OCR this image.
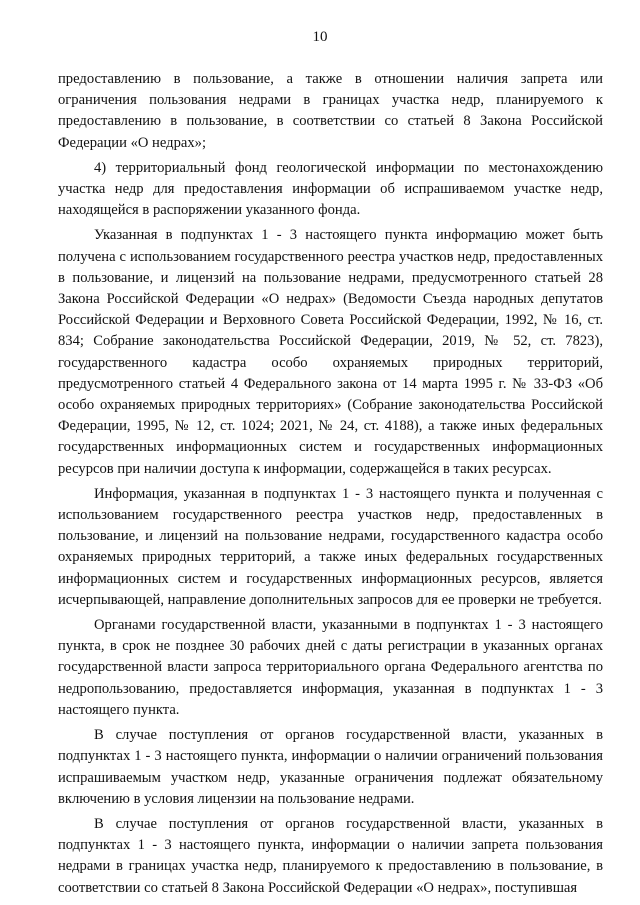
10

предоставлению в пользование, а также в отношении наличия запрета или ограничения пользования недрами в границах участка недр, планируемого к предоставлению в пользование, в соответствии со статьей 8 Закона Российской Федерации «О недрах»;

4) территориальный фонд геологической информации по местонахождению участка недр для предоставления информации об испрашиваемом участке недр, находящейся в распоряжении указанного фонда.

Указанная в подпунктах 1 - 3 настоящего пункта информацию может быть получена с использованием государственного реестра участков недр, предоставленных в пользование, и лицензий на пользование недрами, предусмотренного статьей 28 Закона Российской Федерации «О недрах» (Ведомости Съезда народных депутатов Российской Федерации и Верховного Совета Российской Федерации, 1992, № 16, ст. 834; Собрание законодательства Российской Федерации, 2019, № 52, ст. 7823), государственного кадастра особо охраняемых природных территорий, предусмотренного статьей 4 Федерального закона от 14 марта 1995 г. № 33-ФЗ «Об особо охраняемых природных территориях» (Собрание законодательства Российской Федерации, 1995, № 12, ст. 1024; 2021, № 24, ст. 4188), а также иных федеральных государственных информационных систем и государственных информационных ресурсов при наличии доступа к информации, содержащейся в таких ресурсах.

Информация, указанная в подпунктах 1 - 3 настоящего пункта и полученная с использованием государственного реестра участков недр, предоставленных в пользование, и лицензий на пользование недрами, государственного кадастра особо охраняемых природных территорий, а также иных федеральных государственных информационных систем и государственных информационных ресурсов, является исчерпывающей, направление дополнительных запросов для ее проверки не требуется.

Органами государственной власти, указанными в подпунктах 1 - 3 настоящего пункта, в срок не позднее 30 рабочих дней с даты регистрации в указанных органах государственной власти запроса территориального органа Федерального агентства по недропользованию, предоставляется информация, указанная в подпунктах 1 - 3 настоящего пункта.

В случае поступления от органов государственной власти, указанных в подпунктах 1 - 3 настоящего пункта, информации о наличии ограничений пользования испрашиваемым участком недр, указанные ограничения подлежат обязательному включению в условия лицензии на пользование недрами.

В случае поступления от органов государственной власти, указанных в подпунктах 1 - 3 настоящего пункта, информации о наличии запрета пользования недрами в границах участка недр, планируемого к предоставлению в пользование, в соответствии со статьей 8 Закона Российской Федерации «О недрах», поступившая
